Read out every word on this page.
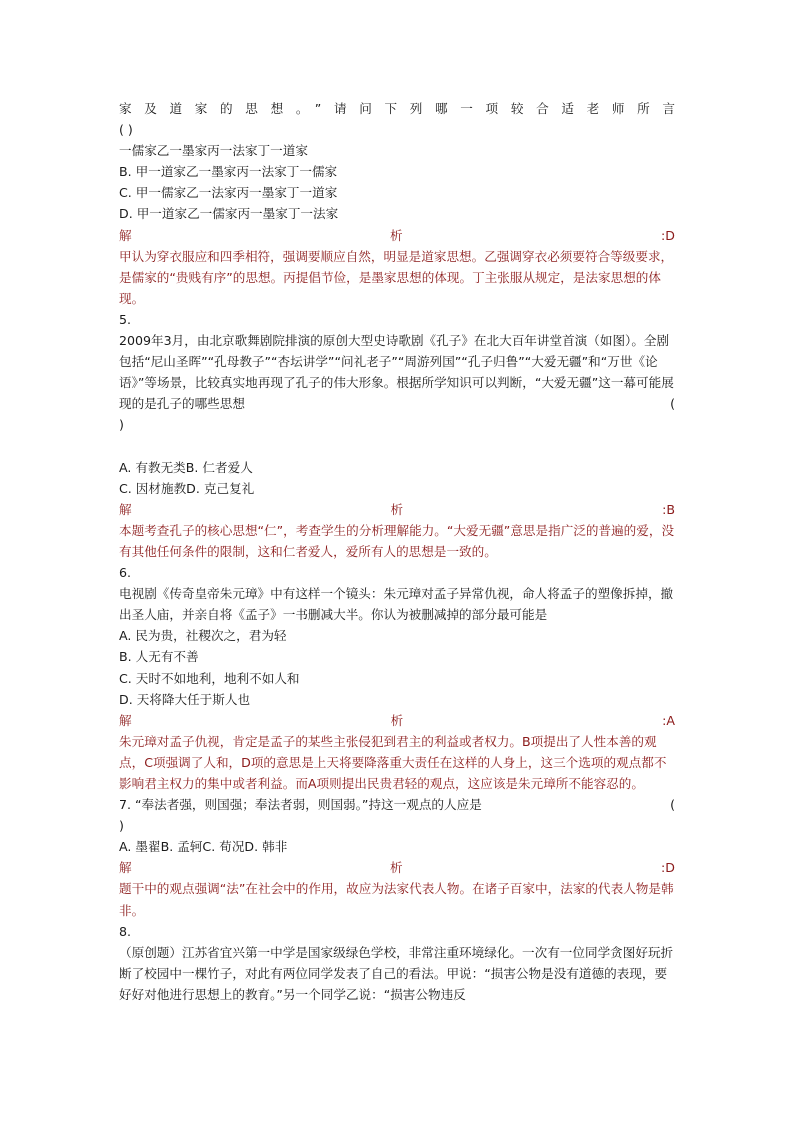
家及道家的思想。”请问下列哪一项较合适老师所言
( )
一儒家乙一墨家丙一法家丁一道家
B. 甲一道家乙一墨家丙一法家丁一儒家
C. 甲一儒家乙一法家丙一墨家丁一道家
D. 甲一道家乙一儒家丙一墨家丁一法家
解析:D
甲认为穿衣服应和四季相符，强调要顺应自然，明显是道家思想。乙强调穿衣必须要符合等级要求，是儒家的“贵贱有序”的思想。丙提倡节俭，是墨家思想的体现。丁主张服从规定，是法家思想的体现。
5.
2009年3月，由北京歌舞剧院排演的原创大型史诗歌剧《孔子》在北大百年讲堂首演（如图）。全剧包括“尼山圣晖”“孔母教子”“杏坛讲学”“问礼老子”“周游列国”“孔子归鲁”“大爱无疆”和“万世《论语》”等场景，比较真实地再现了孔子的伟大形象。根据所学知识可以判断，“大爱无疆”这一幕可能展现的是孔子的哪些思想	(
)
A. 有教无类B. 仁者爱人
C. 因材施教D. 克己复礼
解析:B
本题考查孔子的核心思想“仁”，考查学生的分析理解能力。“大爱无疆”意思是指广泛的普遍的爱，没有其他任何条件的限制，这和仁者爱人，爱所有人的思想是一致的。
6.
电视剧《传奇皇帝朱元璋》中有这样一个镜头：朱元璋对孟子异常仇视，命人将孟子的塑像拆掉，撤出圣人庙，并亲自将《孟子》一书删减大半。你认为被删减掉的部分最可能是
A. 民为贵，社稷次之，君为轻
B. 人无有不善
C. 天时不如地利，地利不如人和
D. 天将降大任于斯人也
解析:A
朱元璋对孟子仇视，肯定是孟子的某些主张侵犯到君主的利益或者权力。B项提出了人性本善的观点，C项强调了人和，D项的意思是上天将要降落重大责任在这样的人身上，这三个选项的观点都不影响君主权力的集中或者利益。而A项则提出民贵君轻的观点，这应该是朱元璋所不能容忍的。
7. “奉法者强，则国强；奉法者弱，则国弱。”持这一观点的人应是	(
)
A. 墨翟B. 孟轲C. 荀况D. 韩非
解析:D
题干中的观点强调“法”在社会中的作用，故应为法家代表人物。在诸子百家中，法家的代表人物是韩非。
8.
（原创题）江苏省宜兴第一中学是国家级绿色学校，非常注重环境绿化。一次有一位同学贪图好玩折断了校园中一棵竹子，对此有两位同学发表了自己的看法。甲说：“损害公物是没有道德的表现，要好好对他进行思想上的教育。”另一个同学乙说：“损害公物违反
